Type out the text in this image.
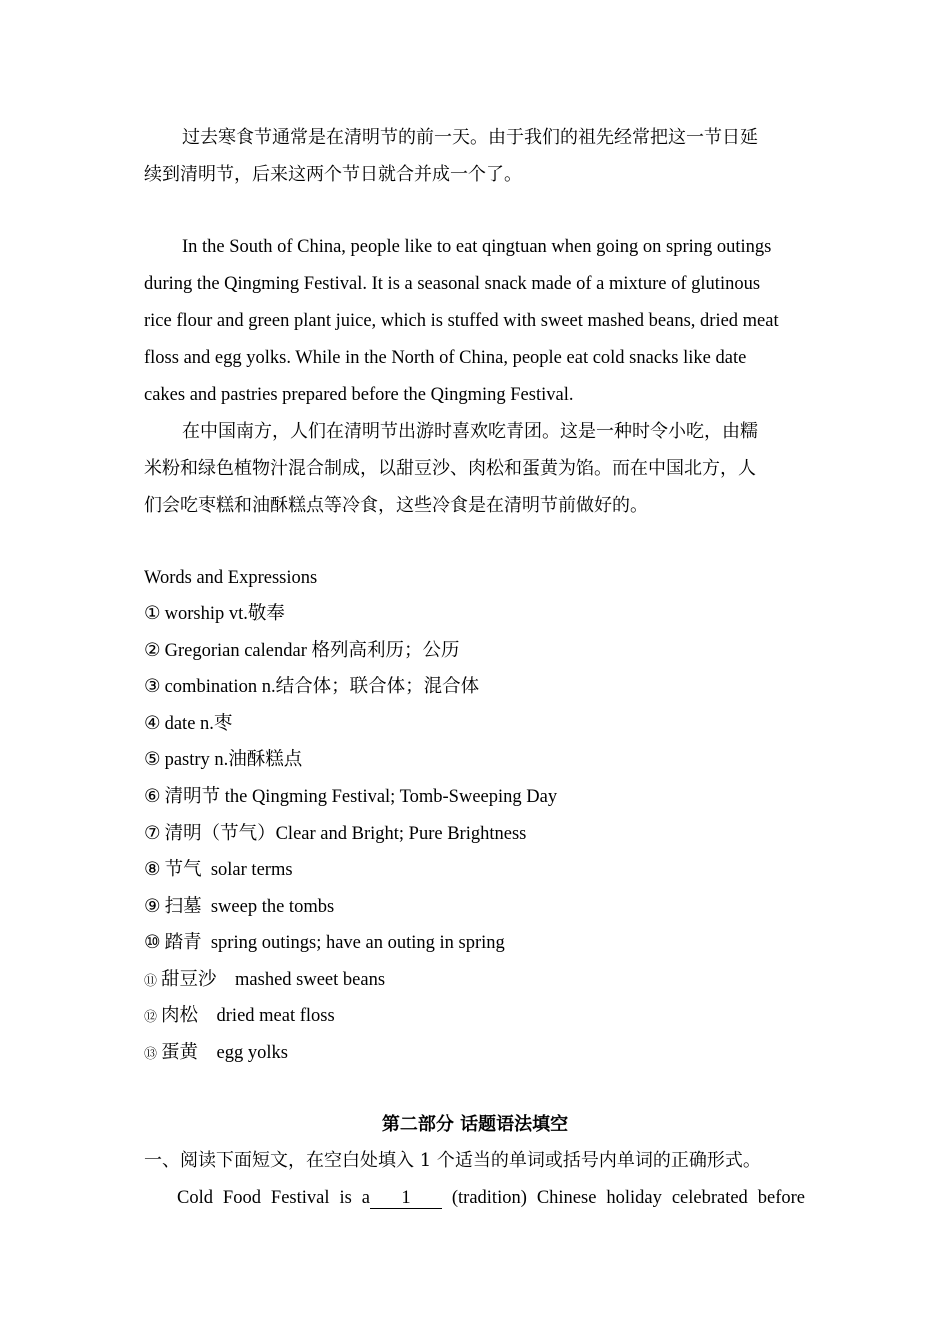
过去寒食节通常是在清明节的前一天。由于我们的祖先经常把这一节日延
续到清明节，后来这两个节日就合并成一个了。
In the South of China, people like to eat qingtuan when going on spring outings
during the Qingming Festival. It is a seasonal snack made of a mixture of glutinous
rice flour and green plant juice, which is stuffed with sweet mashed beans, dried meat
floss and egg yolks. While in the North of China, people eat cold snacks like date
cakes and pastries prepared before the Qingming Festival.
在中国南方，人们在清明节出游时喜欢吃青团。这是一种时令小吃，由糯
米粉和绿色植物汁混合制成，以甜豆沙、肉松和蛋黄为馅。而在中国北方，人
们会吃枣糕和油酥糕点等冷食，这些冷食是在清明节前做好的。
Words and Expressions
① worship vt.敬奉
② Gregorian calendar 格列高利历；公历
③ combination n.结合体；联合体；混合体
④ date n.枣
⑤ pastry n.油酥糕点
⑥ 清明节 the Qingming Festival; Tomb-Sweeping Day
⑦ 清明（节气）Clear and Bright; Pure Brightness
⑧ 节气  solar terms
⑨ 扫墓  sweep the tombs
⑩ 踏青  spring outings; have an outing in spring
⑪ 甜豆沙    mashed sweet beans
⑫ 肉松    dried meat floss
⑬ 蛋黄    egg yolks
第二部分 话题语法填空
一、阅读下面短文，在空白处填入 1 个适当的单词或括号内单词的正确形式。
Cold Food Festival is a 1	(tradition) Chinese holiday celebrated before
